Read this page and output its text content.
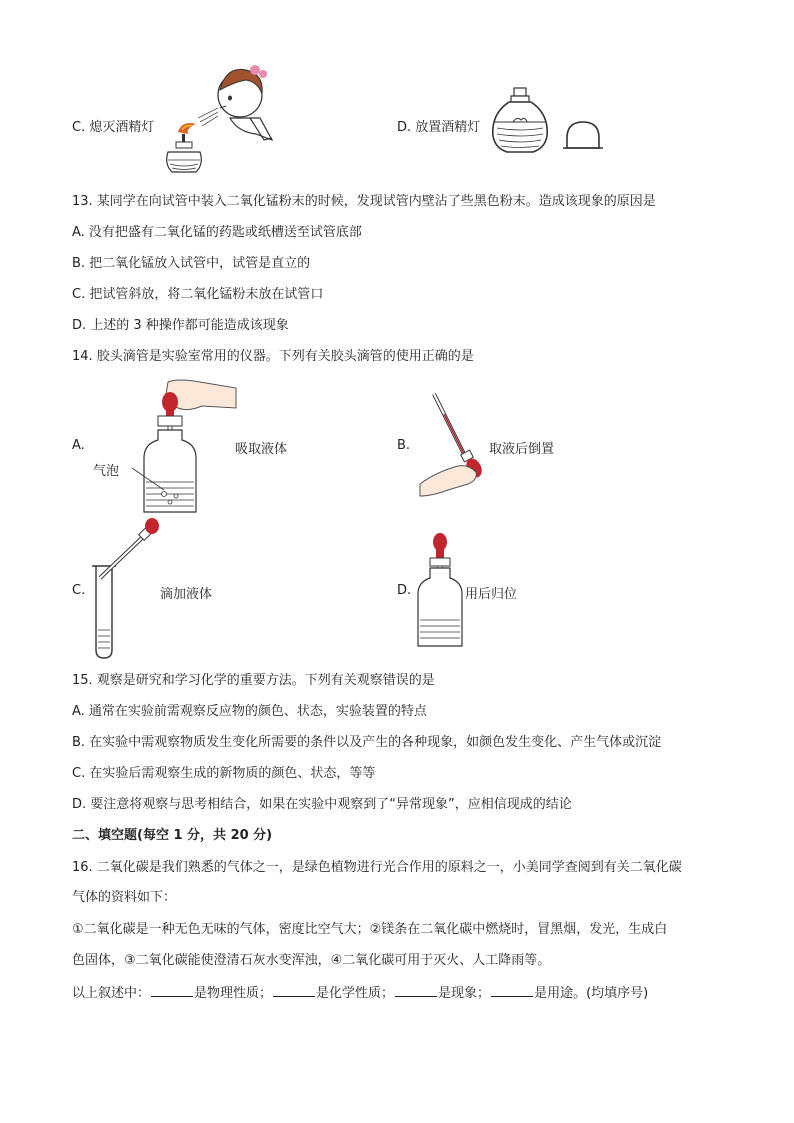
C. 熄灭酒精灯	D. 放置酒精灯
13. 某同学在向试管中装入二氧化锰粉末的时候，发现试管内壁沾了些黑色粉末。造成该现象的原因是
A. 没有把盛有二氧化锰的药匙或纸槽送至试管底部
B. 把二氧化锰放入试管中，试管是直立的
C. 把试管斜放，将二氧化锰粉末放在试管口
D. 上述的 3 种操作都可能造成该现象
14. 胶头滴管是实验室常用的仪器。下列有关胶头滴管的使用正确的是
A.
气泡
吸取液体	B.	取液后倒置
C.	滴加液体	D.	用后归位
15. 观察是研究和学习化学的重要方法。下列有关观察错误的是
A. 通常在实验前需观察反应物的颜色、状态，实验装置的特点
B. 在实验中需观察物质发生变化所需要的条件以及产生的各种现象，如颜色发生变化、产生气体或沉淀
C. 在实验后需观察生成的新物质的颜色、状态，等等
D. 要注意将观察与思考相结合，如果在实验中观察到了“异常现象”，应相信现成的结论
二、填空题(每空 1 分，共 20 分)
16. 二氧化碳是我们熟悉的气体之一，是绿色植物进行光合作用的原料之一，小美同学查阅到有关二氧化碳
气体的资料如下：
①二氧化碳是一种无色无味的气体，密度比空气大；②镁条在二氧化碳中燃烧时，冒黑烟，发光，生成白
色固体，③二氧化碳能使澄清石灰水变浑浊，④二氧化碳可用于灭火、人工降雨等。
以上叙述中：	是物理性质；	是化学性质；	是现象；	是用途。(均填序号)
